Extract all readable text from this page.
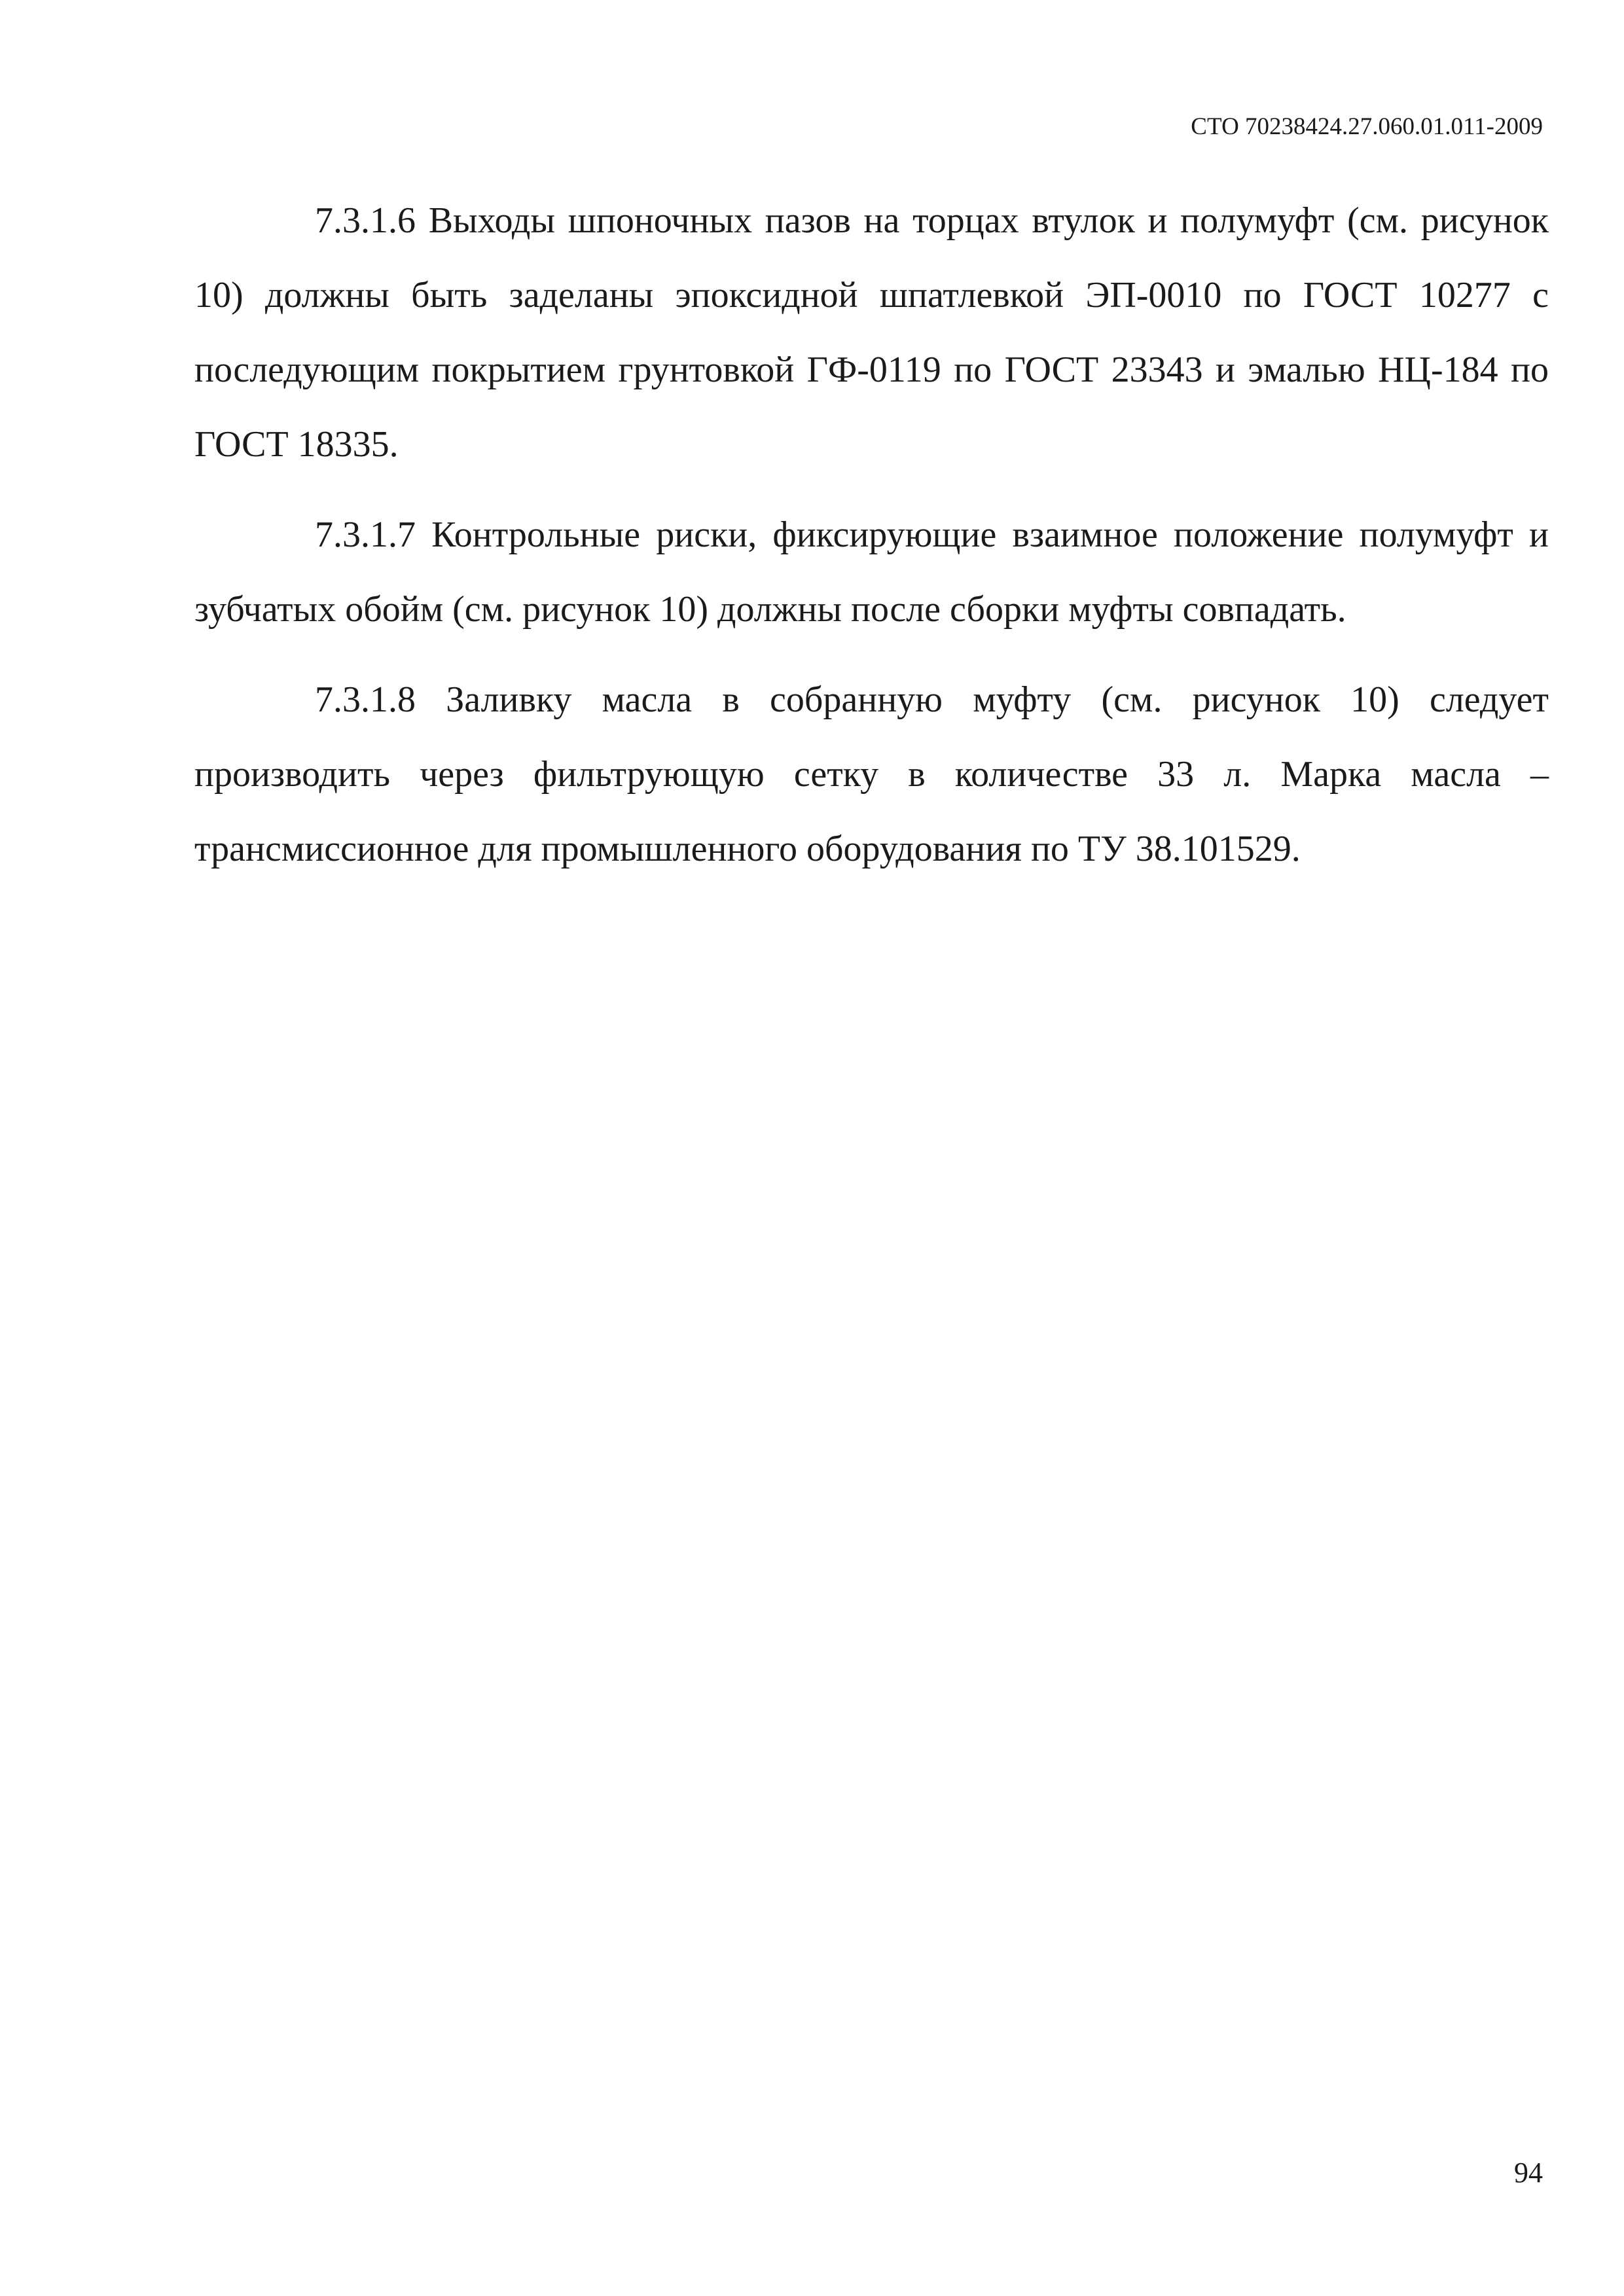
СТО 70238424.27.060.01.011-2009

7.3.1.6 Выходы шпоночных пазов на торцах втулок и полумуфт (см. рисунок 10) должны быть заделаны эпоксидной шпатлевкой ЭП-0010 по ГОСТ 10277 с последующим покрытием грунтовкой ГФ-0119 по ГОСТ 23343 и эмалью НЦ-184 по ГОСТ 18335.

7.3.1.7 Контрольные риски, фиксирующие взаимное положение полумуфт и зубчатых обойм (см. рисунок 10) должны после сборки муфты совпадать.

7.3.1.8 Заливку масла в собранную муфту (см. рисунок 10) следует производить через фильтрующую сетку в количестве 33 л. Марка масла – трансмиссионное для промышленного оборудования по ТУ 38.101529.

94
